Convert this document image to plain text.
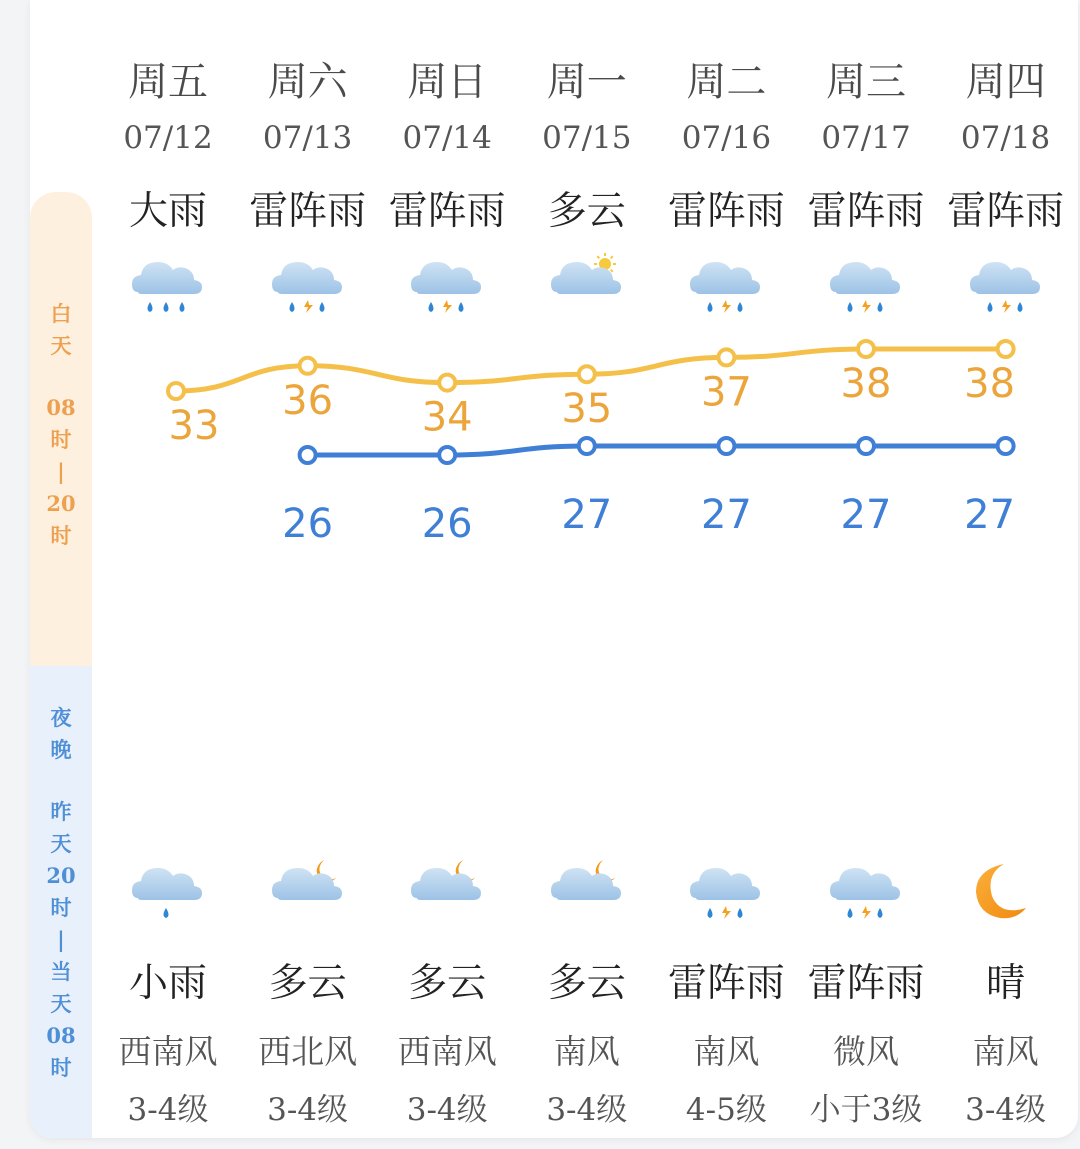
白
天
08
时
|
20
时
夜
晚
昨
天
20
时
|
当
天
08
时
周五
07/12
大雨
小雨
西南风
3-4级
周六
07/13
雷阵雨
多云
西北风
3-4级
周日
07/14
雷阵雨
多云
西南风
3-4级
周一
07/15
多云
多云
南风
3-4级
周二
07/16
雷阵雨
雷阵雨
南风
4-5级
周三
07/17
雷阵雨
雷阵雨
微风
小于3级
周四
07/18
雷阵雨
晴
南风
3-4级
33
36 34 35 37 38 38
26 26 27 27 27 27
